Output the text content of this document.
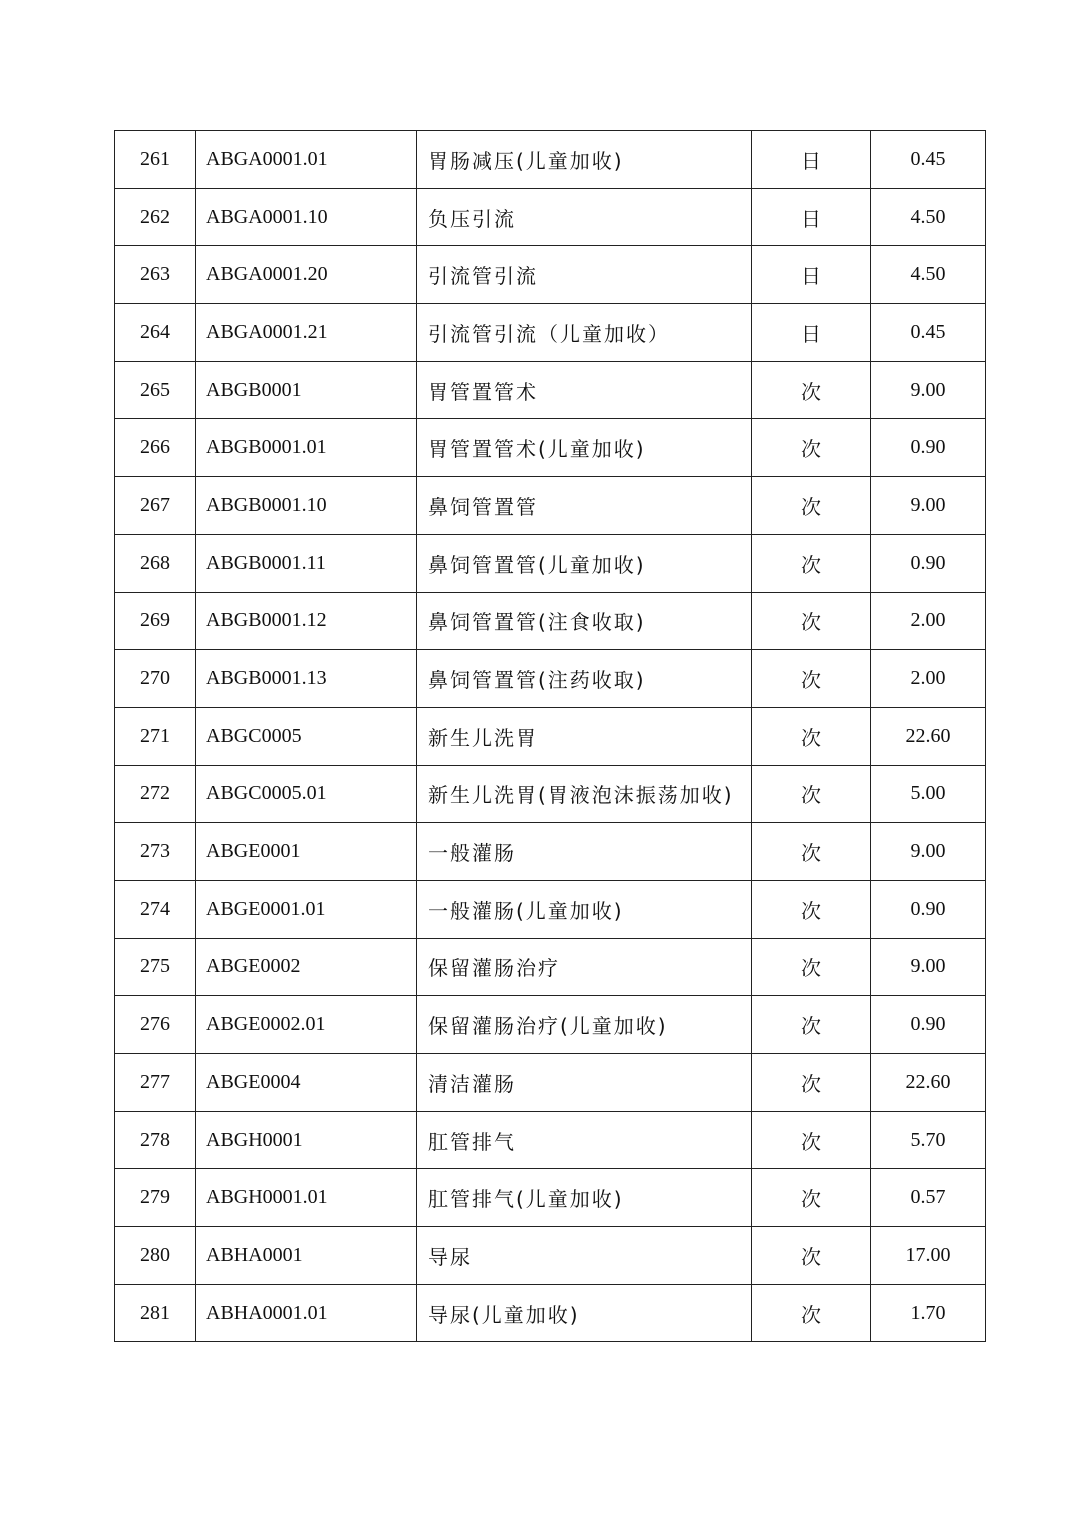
261	ABGA0001.01	胃肠减压(儿童加收)	日	0.45
262	ABGA0001.10	负压引流	日	4.50
263	ABGA0001.20	引流管引流	日	4.50
264	ABGA0001.21	引流管引流（儿童加收）	日	0.45
265	ABGB0001	胃管置管术	次	9.00
266	ABGB0001.01	胃管置管术(儿童加收)	次	0.90
267	ABGB0001.10	鼻饲管置管	次	9.00
268	ABGB0001.11	鼻饲管置管(儿童加收)	次	0.90
269	ABGB0001.12	鼻饲管置管(注食收取)	次	2.00
270	ABGB0001.13	鼻饲管置管(注药收取)	次	2.00
271	ABGC0005	新生儿洗胃	次	22.60
272	ABGC0005.01	新生儿洗胃(胃液泡沫振荡加收)	次	5.00
273	ABGE0001	一般灌肠	次	9.00
274	ABGE0001.01	一般灌肠(儿童加收)	次	0.90
275	ABGE0002	保留灌肠治疗	次	9.00
276	ABGE0002.01	保留灌肠治疗(儿童加收)	次	0.90
277	ABGE0004	清洁灌肠	次	22.60
278	ABGH0001	肛管排气	次	5.70
279	ABGH0001.01	肛管排气(儿童加收)	次	0.57
280	ABHA0001	导尿	次	17.00
281	ABHA0001.01	导尿(儿童加收)	次	1.70
